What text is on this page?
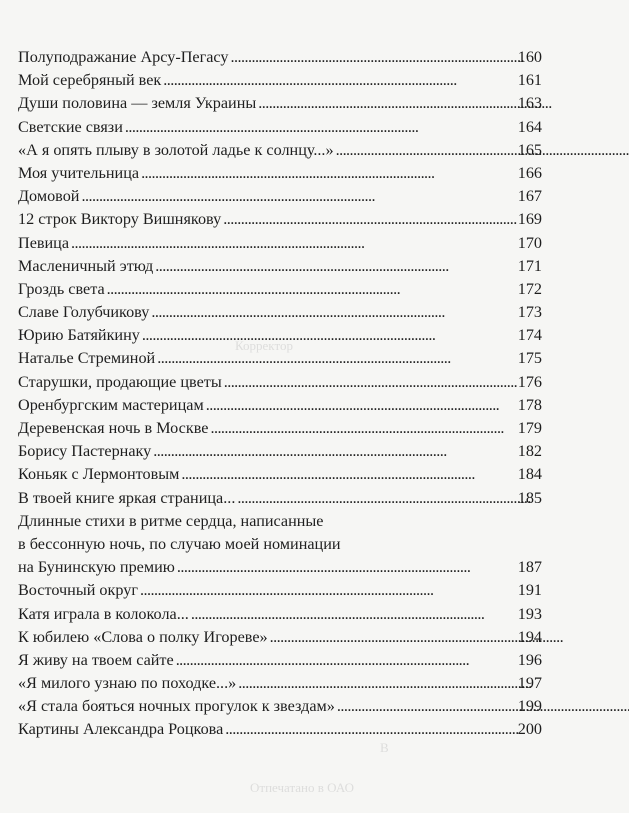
Корректор
Отпечатано в ОАО
В
Полуподражание Арсу-Пегасу . . .	160
Мой серебряный век . . .	161
Души половина — земля Украины . . .	163
Светские связи . . .	164
«А я опять плыву в золотой ладье к солнцу...» . . .	165
Моя учительница . . .	166
Домовой . . .	167
12 строк Виктору Вишнякову . . .	169
Певица . . .	170
Масленичный этюд . . .	171
Гроздь света . . .	172
Славе Голубчикову . . .	173
Юрию Батяйкину . . .	174
Наталье Стреминой . . .	175
Старушки, продающие цветы . . .	176
Оренбургским мастерицам . . .	178
Деревенская ночь в Москве . . .	179
Борису Пастернаку . . .	182
Коньяк с Лермонтовым . . .	184
В твоей книге яркая страница... . . .	185
Длинные стихи в ритме сердца, написанные
в бессонную ночь, по случаю моей номинации
на Бунинскую премию . . .	187
Восточный округ . . .	191
Катя играла в колокола... . . .	193
К юбилею «Слова о полку Игореве» . . .	194
Я живу на твоем сайте . . .	196
«Я милого узнаю по походке...» . . .	197
«Я стала бояться ночных прогулок к звездам» . . .	199
Картины Александра Роцкова . . .	200
